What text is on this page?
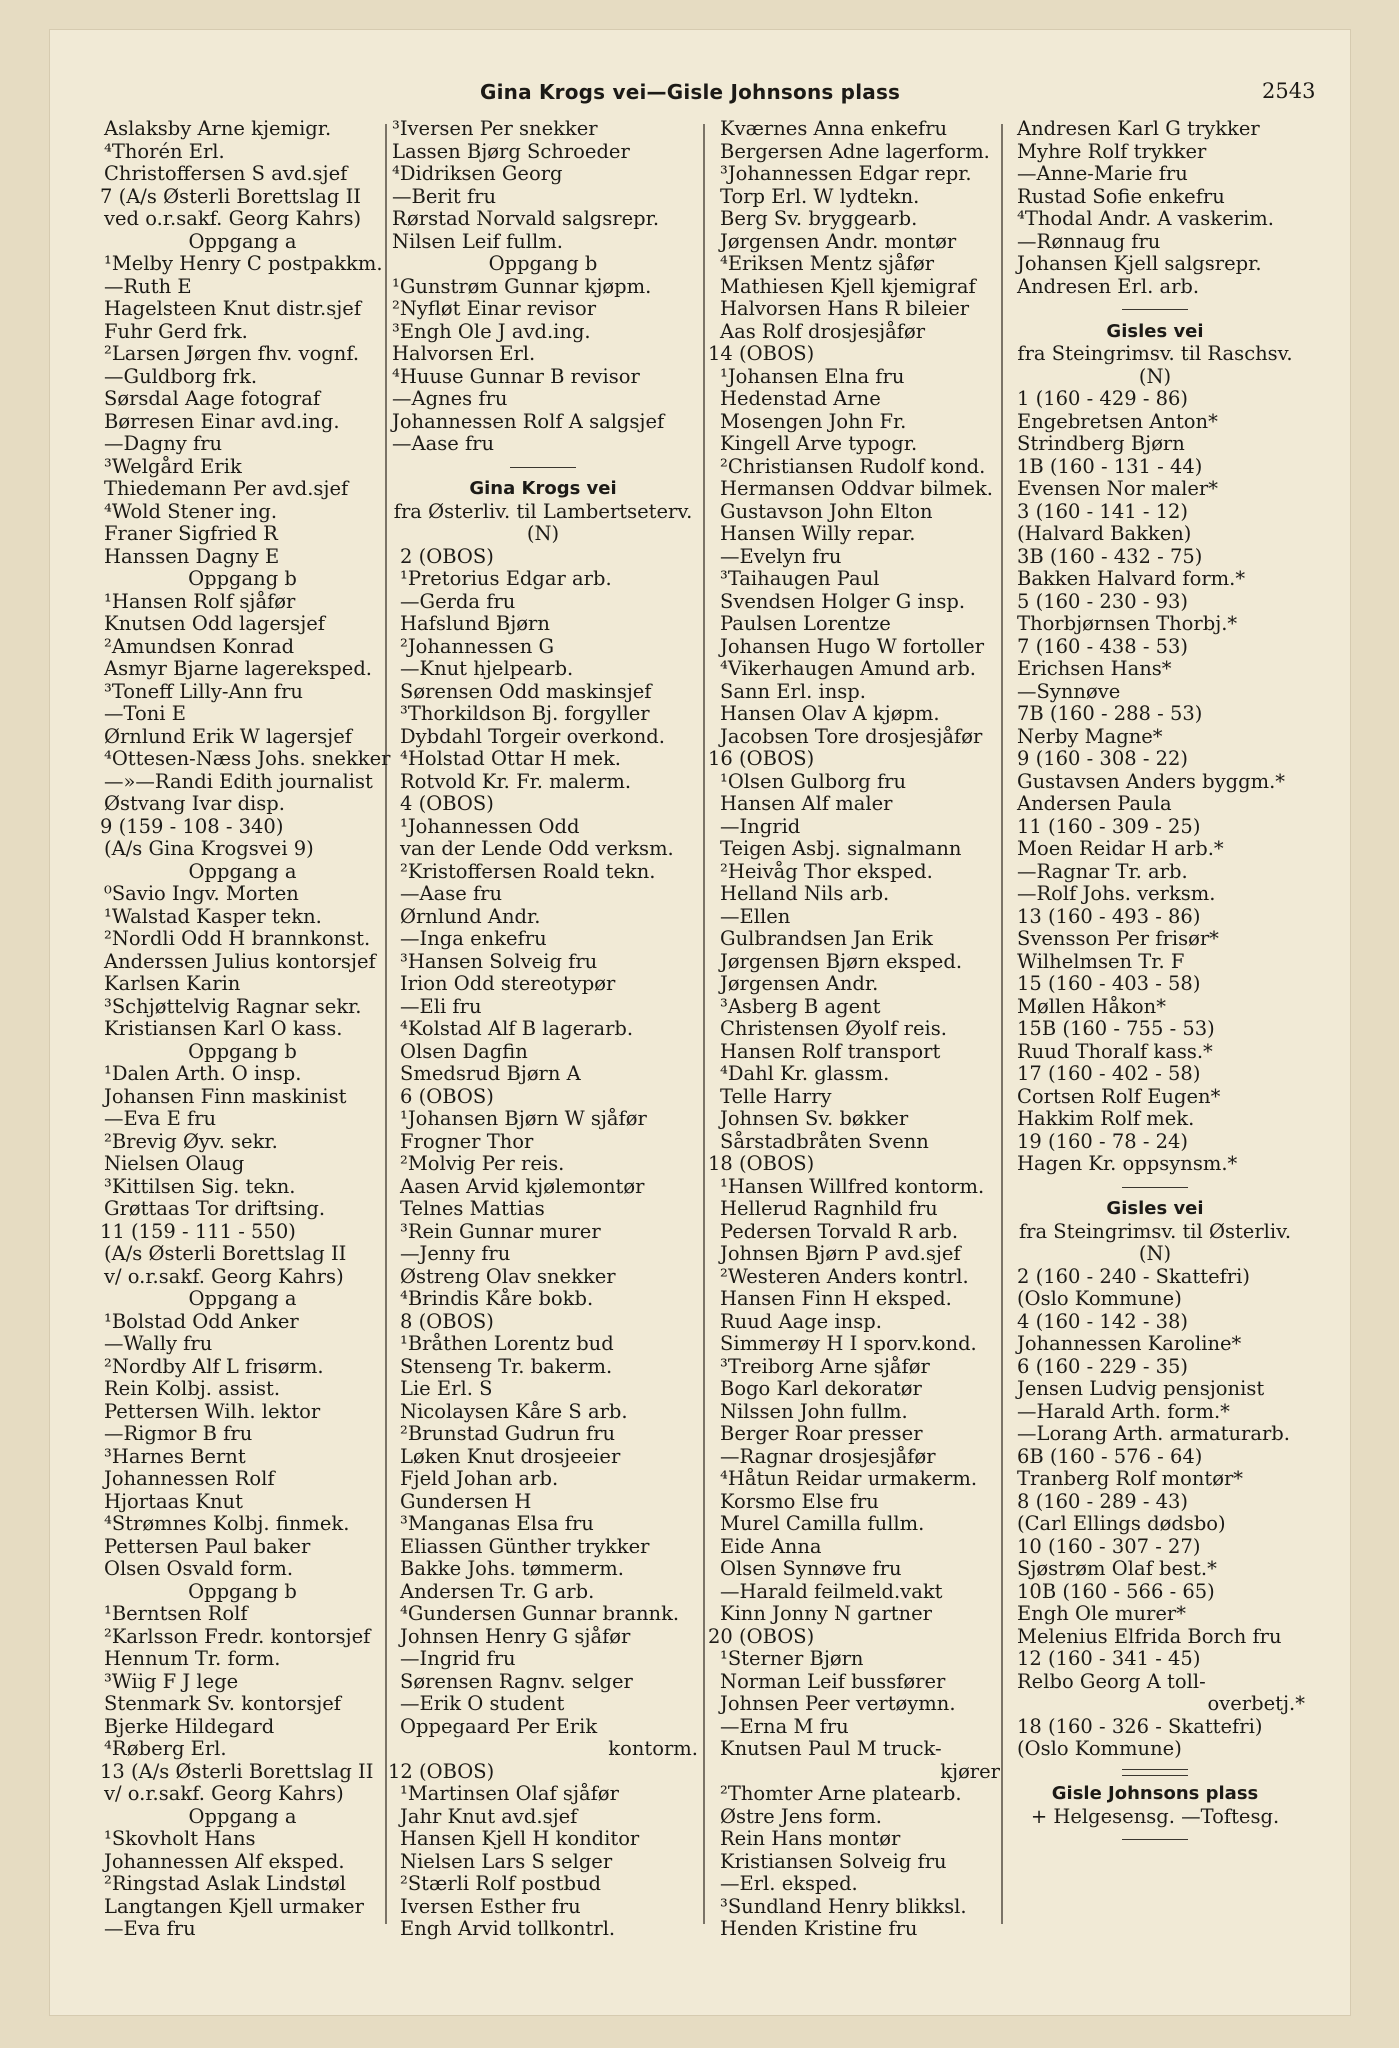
Gina Krogs vei—Gisle Johnsons plass	2543
Aslaksby Arne kjemigr.
⁴Thorén Erl.
Christoffersen S avd.sjef
7 (A/s Østerli Borettslag II
ved o.r.sakf. Georg Kahrs)
Oppgang a
¹Melby Henry C postpakkm.
—Ruth E
Hagelsteen Knut distr.sjef
Fuhr Gerd frk.
²Larsen Jørgen fhv. vognf.
—Guldborg frk.
Sørsdal Aage fotograf
Børresen Einar avd.ing.
—Dagny fru
³Welgård Erik
Thiedemann Per avd.sjef
⁴Wold Stener ing.
Franer Sigfried R
Hanssen Dagny E
Oppgang b
¹Hansen Rolf sjåfør
Knutsen Odd lagersjef
²Amundsen Konrad
Asmyr Bjarne lagereksped.
³Toneff Lilly-Ann fru
—Toni E
Ørnlund Erik W lagersjef
⁴Ottesen-Næss Johs. snekker
—»—Randi Edith journalist
Østvang Ivar disp.
9 (159 - 108 - 340)
(A/s Gina Krogsvei 9)
Oppgang a
⁰Savio Ingv. Morten
¹Walstad Kasper tekn.
²Nordli Odd H brannkonst.
Anderssen Julius kontorsjef
Karlsen Karin
³Schjøttelvig Ragnar sekr.
Kristiansen Karl O kass.
Oppgang b
¹Dalen Arth. O insp.
Johansen Finn maskinist
—Eva E fru
²Brevig Øyv. sekr.
Nielsen Olaug
³Kittilsen Sig. tekn.
Grøttaas Tor driftsing.
11 (159 - 111 - 550)
(A/s Østerli Borettslag II
v/ o.r.sakf. Georg Kahrs)
Oppgang a
¹Bolstad Odd Anker
—Wally fru
²Nordby Alf L frisørm.
Rein Kolbj. assist.
Pettersen Wilh. lektor
—Rigmor B fru
³Harnes Bernt
Johannessen Rolf
Hjortaas Knut
⁴Strømnes Kolbj. finmek.
Pettersen Paul baker
Olsen Osvald form.
Oppgang b
¹Berntsen Rolf
²Karlsson Fredr. kontorsjef
Hennum Tr. form.
³Wiig F J lege
Stenmark Sv. kontorsjef
Bjerke Hildegard
⁴Røberg Erl.
13 (A/s Østerli Borettslag II
v/ o.r.sakf. Georg Kahrs)
Oppgang a
¹Skovholt Hans
Johannessen Alf eksped.
²Ringstad Aslak Lindstøl
Langtangen Kjell urmaker
—Eva fru
³Iversen Per snekker
Lassen Bjørg Schroeder
⁴Didriksen Georg
—Berit fru
Rørstad Norvald salgsrepr.
Nilsen Leif fullm.
Oppgang b
¹Gunstrøm Gunnar kjøpm.
²Nyfløt Einar revisor
³Engh Ole J avd.ing.
Halvorsen Erl.
⁴Huuse Gunnar B revisor
—Agnes fru
Johannessen Rolf A salgsjef
—Aase fru
Gina Krogs vei
fra Østerliv. til Lambertseterv.
(N)
2 (OBOS)
¹Pretorius Edgar arb.
—Gerda fru
Hafslund Bjørn
²Johannessen G
—Knut hjelpearb.
Sørensen Odd maskinsjef
³Thorkildson Bj. forgyller
Dybdahl Torgeir overkond.
⁴Holstad Ottar H mek.
Rotvold Kr. Fr. malerm.
4 (OBOS)
¹Johannessen Odd
van der Lende Odd verksm.
²Kristoffersen Roald tekn.
—Aase fru
Ørnlund Andr.
—Inga enkefru
³Hansen Solveig fru
Irion Odd stereotypør
—Eli fru
⁴Kolstad Alf B lagerarb.
Olsen Dagfin
Smedsrud Bjørn A
6 (OBOS)
¹Johansen Bjørn W sjåfør
Frogner Thor
²Molvig Per reis.
Aasen Arvid kjølemontør
Telnes Mattias
³Rein Gunnar murer
—Jenny fru
Østreng Olav snekker
⁴Brindis Kåre bokb.
8 (OBOS)
¹Bråthen Lorentz bud
Stenseng Tr. bakerm.
Lie Erl. S
Nicolaysen Kåre S arb.
²Brunstad Gudrun fru
Løken Knut drosjeeier
Fjeld Johan arb.
Gundersen H
³Manganas Elsa fru
Eliassen Günther trykker
Bakke Johs. tømmerm.
Andersen Tr. G arb.
⁴Gundersen Gunnar brannk.
Johnsen Henry G sjåfør
—Ingrid fru
Sørensen Ragnv. selger
—Erik O student
Oppegaard Per Erik
kontorm.
12 (OBOS)
¹Martinsen Olaf sjåfør
Jahr Knut avd.sjef
Hansen Kjell H konditor
Nielsen Lars S selger
²Stærli Rolf postbud
Iversen Esther fru
Engh Arvid tollkontrl.
Kværnes Anna enkefru
Bergersen Adne lagerform.
³Johannessen Edgar repr.
Torp Erl. W lydtekn.
Berg Sv. bryggearb.
Jørgensen Andr. montør
⁴Eriksen Mentz sjåfør
Mathiesen Kjell kjemigraf
Halvorsen Hans R bileier
Aas Rolf drosjesjåfør
14 (OBOS)
¹Johansen Elna fru
Hedenstad Arne
Mosengen John Fr.
Kingell Arve typogr.
²Christiansen Rudolf kond.
Hermansen Oddvar bilmek.
Gustavson John Elton
Hansen Willy repar.
—Evelyn fru
³Taihaugen Paul
Svendsen Holger G insp.
Paulsen Lorentze
Johansen Hugo W fortoller
⁴Vikerhaugen Amund arb.
Sann Erl. insp.
Hansen Olav A kjøpm.
Jacobsen Tore drosjesjåfør
16 (OBOS)
¹Olsen Gulborg fru
Hansen Alf maler
—Ingrid
Teigen Asbj. signalmann
²Heivåg Thor eksped.
Helland Nils arb.
—Ellen
Gulbrandsen Jan Erik
Jørgensen Bjørn eksped.
Jørgensen Andr.
³Asberg B agent
Christensen Øyolf reis.
Hansen Rolf transport
⁴Dahl Kr. glassm.
Telle Harry
Johnsen Sv. bøkker
Sårstadbråten Svenn
18 (OBOS)
¹Hansen Willfred kontorm.
Hellerud Ragnhild fru
Pedersen Torvald R arb.
Johnsen Bjørn P avd.sjef
²Westeren Anders kontrl.
Hansen Finn H eksped.
Ruud Aage insp.
Simmerøy H I sporv.kond.
³Treiborg Arne sjåfør
Bogo Karl dekoratør
Nilssen John fullm.
Berger Roar presser
—Ragnar drosjesjåfør
⁴Håtun Reidar urmakerm.
Korsmo Else fru
Murel Camilla fullm.
Eide Anna
Olsen Synnøve fru
—Harald feilmeld.vakt
Kinn Jonny N gartner
20 (OBOS)
¹Sterner Bjørn
Norman Leif bussfører
Johnsen Peer vertøymn.
—Erna M fru
Knutsen Paul M truck-
kjører
²Thomter Arne platearb.
Østre Jens form.
Rein Hans montør
Kristiansen Solveig fru
—Erl. eksped.
³Sundland Henry blikksl.
Henden Kristine fru
Andresen Karl G trykker
Myhre Rolf trykker
—Anne-Marie fru
Rustad Sofie enkefru
⁴Thodal Andr. A vaskerim.
—Rønnaug fru
Johansen Kjell salgsrepr.
Andresen Erl. arb.
Gisles vei
fra Steingrimsv. til Raschsv.
(N)
1 (160 - 429 - 86)
Engebretsen Anton*
Strindberg Bjørn
1B (160 - 131 - 44)
Evensen Nor maler*
3 (160 - 141 - 12)
(Halvard Bakken)
3B (160 - 432 - 75)
Bakken Halvard form.*
5 (160 - 230 - 93)
Thorbjørnsen Thorbj.*
7 (160 - 438 - 53)
Erichsen Hans*
—Synnøve
7B (160 - 288 - 53)
Nerby Magne*
9 (160 - 308 - 22)
Gustavsen Anders byggm.*
Andersen Paula
11 (160 - 309 - 25)
Moen Reidar H arb.*
—Ragnar Tr. arb.
—Rolf Johs. verksm.
13 (160 - 493 - 86)
Svensson Per frisør*
Wilhelmsen Tr. F
15 (160 - 403 - 58)
Møllen Håkon*
15B (160 - 755 - 53)
Ruud Thoralf kass.*
17 (160 - 402 - 58)
Cortsen Rolf Eugen*
Hakkim Rolf mek.
19 (160 - 78 - 24)
Hagen Kr. oppsynsm.*
Gisles vei
fra Steingrimsv. til Østerliv.
(N)
2 (160 - 240 - Skattefri)
(Oslo Kommune)
4 (160 - 142 - 38)
Johannessen Karoline*
6 (160 - 229 - 35)
Jensen Ludvig pensjonist
—Harald Arth. form.*
—Lorang Arth. armaturarb.
6B (160 - 576 - 64)
Tranberg Rolf montør*
8 (160 - 289 - 43)
(Carl Ellings dødsbo)
10 (160 - 307 - 27)
Sjøstrøm Olaf best.*
10B (160 - 566 - 65)
Engh Ole murer*
Melenius Elfrida Borch fru
12 (160 - 341 - 45)
Relbo Georg A toll-
overbetj.*
18 (160 - 326 - Skattefri)
(Oslo Kommune)
Gisle Johnsons plass
+ Helgesensg. —Toftesg.
